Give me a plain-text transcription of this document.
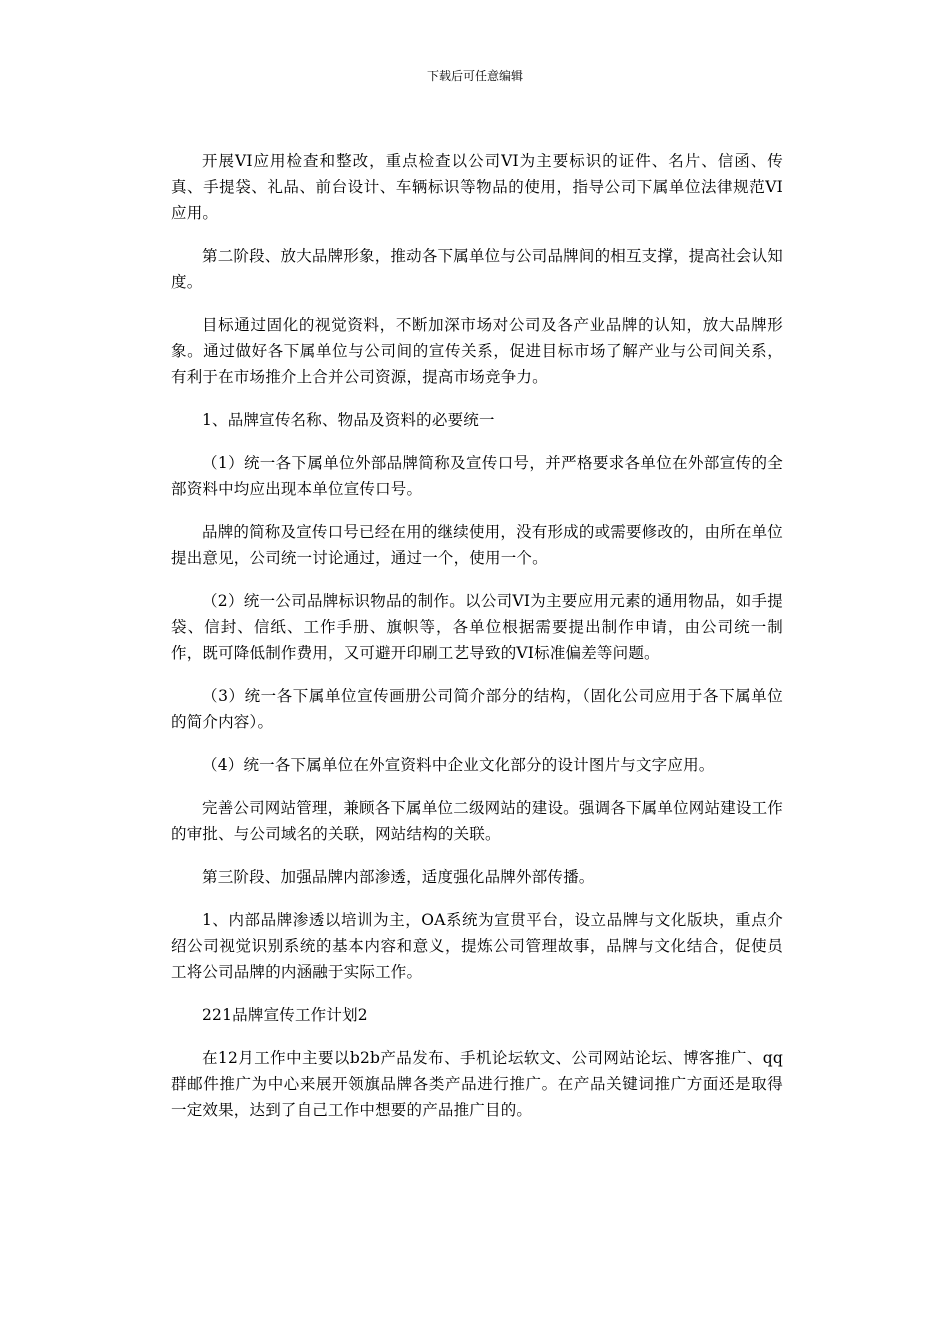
下载后可任意编辑

开展VI应用检查和整改，重点检查以公司VI为主要标识的证件、名片、信函、传真、手提袋、礼品、前台设计、车辆标识等物品的使用，指导公司下属单位法律规范VI应用。

第二阶段、放大品牌形象，推动各下属单位与公司品牌间的相互支撑，提高社会认知度。

目标通过固化的视觉资料，不断加深市场对公司及各产业品牌的认知，放大品牌形象。通过做好各下属单位与公司间的宣传关系，促进目标市场了解产业与公司间关系，有利于在市场推介上合并公司资源，提高市场竞争力。

1、品牌宣传名称、物品及资料的必要统一

（1）统一各下属单位外部品牌简称及宣传口号，并严格要求各单位在外部宣传的全部资料中均应出现本单位宣传口号。

品牌的简称及宣传口号已经在用的继续使用，没有形成的或需要修改的，由所在单位提出意见，公司统一讨论通过，通过一个，使用一个。

（2）统一公司品牌标识物品的制作。以公司VI为主要应用元素的通用物品，如手提袋、信封、信纸、工作手册、旗帜等，各单位根据需要提出制作申请，由公司统一制作，既可降低制作费用，又可避开印刷工艺导致的VI标准偏差等问题。

（3）统一各下属单位宣传画册公司简介部分的结构，（固化公司应用于各下属单位的简介内容）。

（4）统一各下属单位在外宣资料中企业文化部分的设计图片与文字应用。

完善公司网站管理，兼顾各下属单位二级网站的建设。强调各下属单位网站建设工作的审批、与公司域名的关联，网站结构的关联。

第三阶段、加强品牌内部渗透，适度强化品牌外部传播。

1、内部品牌渗透以培训为主，OA系统为宣贯平台，设立品牌与文化版块，重点介绍公司视觉识别系统的基本内容和意义，提炼公司管理故事，品牌与文化结合，促使员工将公司品牌的内涵融于实际工作。

221品牌宣传工作计划2

在12月工作中主要以b2b产品发布、手机论坛软文、公司网站论坛、博客推广、qq群邮件推广为中心来展开领旗品牌各类产品进行推广。在产品关键词推广方面还是取得一定效果，达到了自己工作中想要的产品推广目的。
